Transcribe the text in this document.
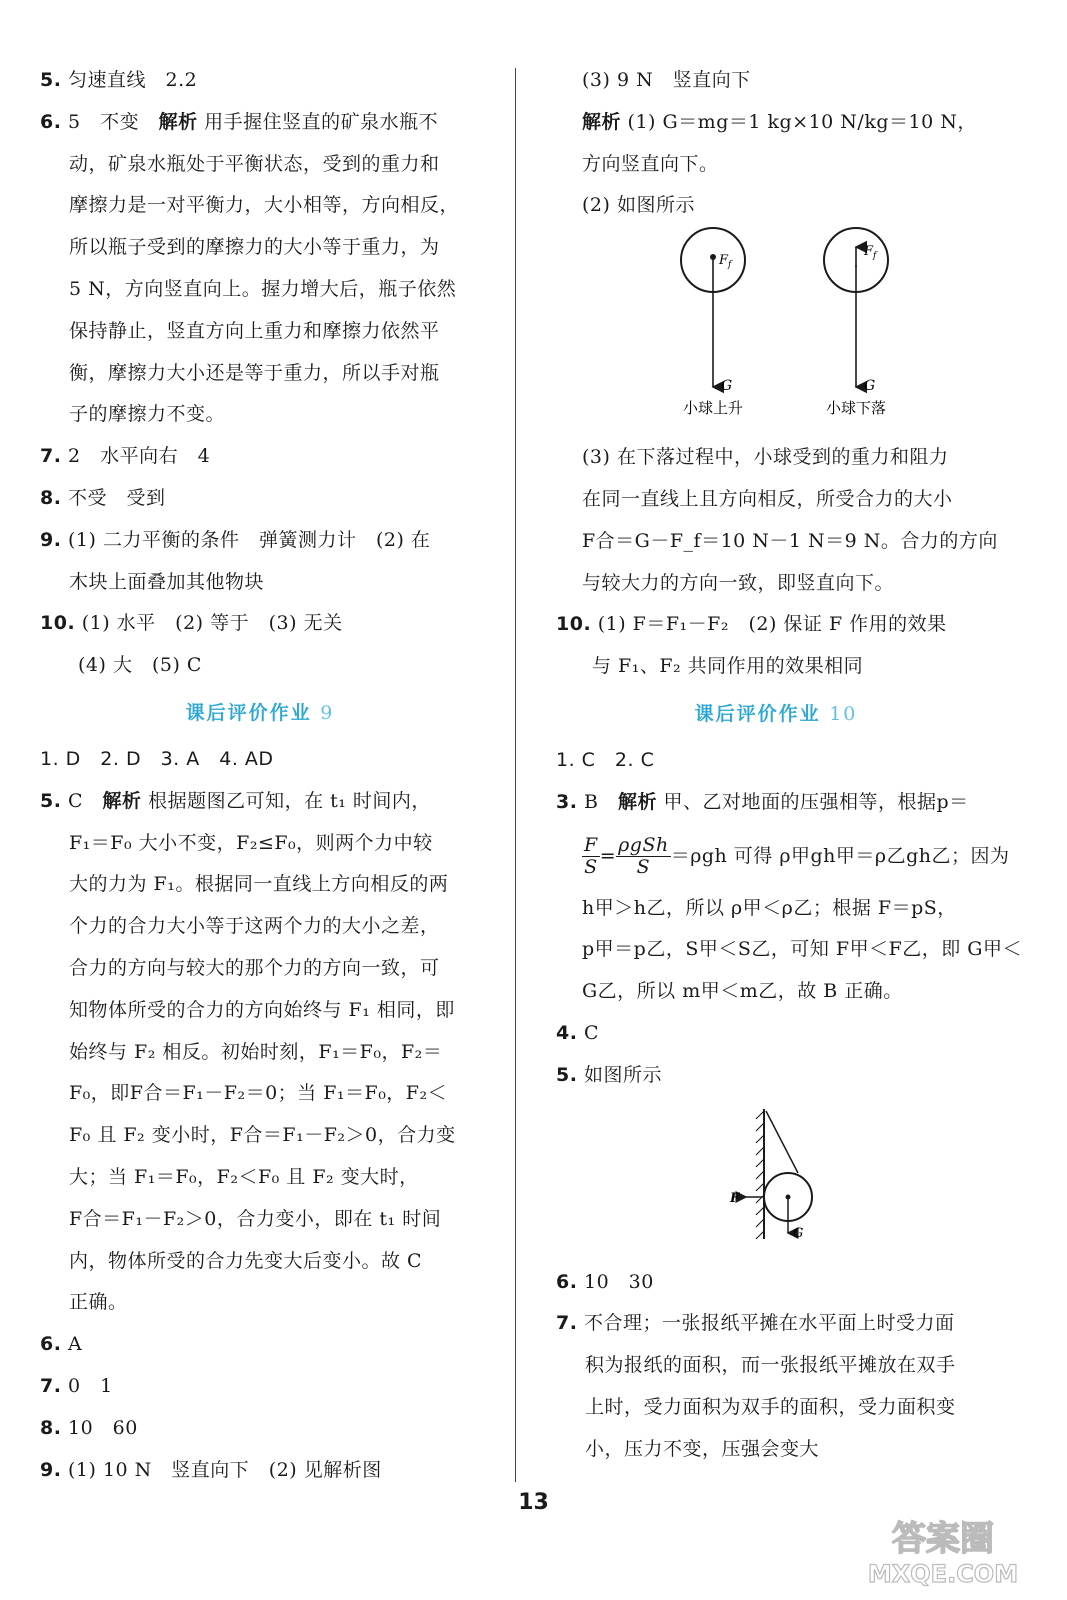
5. 匀速直线　2.2
6. 5　不变　解析 用手握住竖直的矿泉水瓶不
动，矿泉水瓶处于平衡状态，受到的重力和
摩擦力是一对平衡力，大小相等，方向相反，
所以瓶子受到的摩擦力的大小等于重力，为
5 N，方向竖直向上。握力增大后，瓶子依然
保持静止，竖直方向上重力和摩擦力依然平
衡，摩擦力大小还是等于重力，所以手对瓶
子的摩擦力不变。
7. 2　水平向右　4
8. 不受　受到
9. (1) 二力平衡的条件　弹簧测力计　(2) 在
木块上面叠加其他物块
10. (1) 水平　(2) 等于　(3) 无关
(4) 大　(5) C
课后评价作业 9
1. D　2. D　3. A　4. AD
5. C　解析 根据题图乙可知，在 t₁ 时间内，
F₁＝F₀ 大小不变，F₂≤F₀，则两个力中较
大的力为 F₁。根据同一直线上方向相反的两
个力的合力大小等于这两个力的大小之差，
合力的方向与较大的那个力的方向一致，可
知物体所受的合力的方向始终与 F₁ 相同，即
始终与 F₂ 相反。初始时刻，F₁＝F₀，F₂＝
F₀，即F合＝F₁－F₂＝0；当 F₁＝F₀，F₂＜
F₀ 且 F₂ 变小时，F合＝F₁－F₂＞0，合力变
大；当 F₁＝F₀，F₂＜F₀ 且 F₂ 变大时，
F合＝F₁－F₂＞0，合力变小，即在 t₁ 时间
内，物体所受的合力先变大后变小。故 C
正确。
6. A
7. 0　1
8. 10　60
9. (1) 10 N　竖直向下　(2) 见解析图
(3) 9 N　竖直向下
解析 (1) G＝mg＝1 kg×10 N/kg＝10 N，
方向竖直向下。
(2) 如图所示
$F_f$
G
小球上升
$F_f$
G
小球下落
(3) 在下落过程中，小球受到的重力和阻力
在同一直线上且方向相反，所受合力的大小
F合＝G－F_f＝10 N－1 N＝9 N。合力的方向
与较大力的方向一致，即竖直向下。
10. (1) F＝F₁－F₂　(2) 保证 F 作用的效果
与 F₁、F₂ 共同作用的效果相同
课后评价作业 10
1. C　2. C
3. B　解析 甲、乙对地面的压强相等，根据p＝
$\frac{F}{S} = \frac{\text{ρgSh}}{S} =\rho gh$ 可得 ρ甲gh甲＝ρ乙gh乙；因为
h甲＞h乙，所以 ρ甲＜ρ乙；根据 F＝pS，
p甲＝p乙，S甲＜S乙，可知 F甲＜F乙，即 G甲＜
G乙，所以 m甲＜m乙，故 B 正确。
4. C
5. 如图所示
F
G
6. 10　30
7. 不合理；一张报纸平摊在水平面上时受力面
积为报纸的面积，而一张报纸平摊放在双手
上时，受力面积为双手的面积，受力面积变
小，压力不变，压强会变大
13
答案圈
MXQE.COM
